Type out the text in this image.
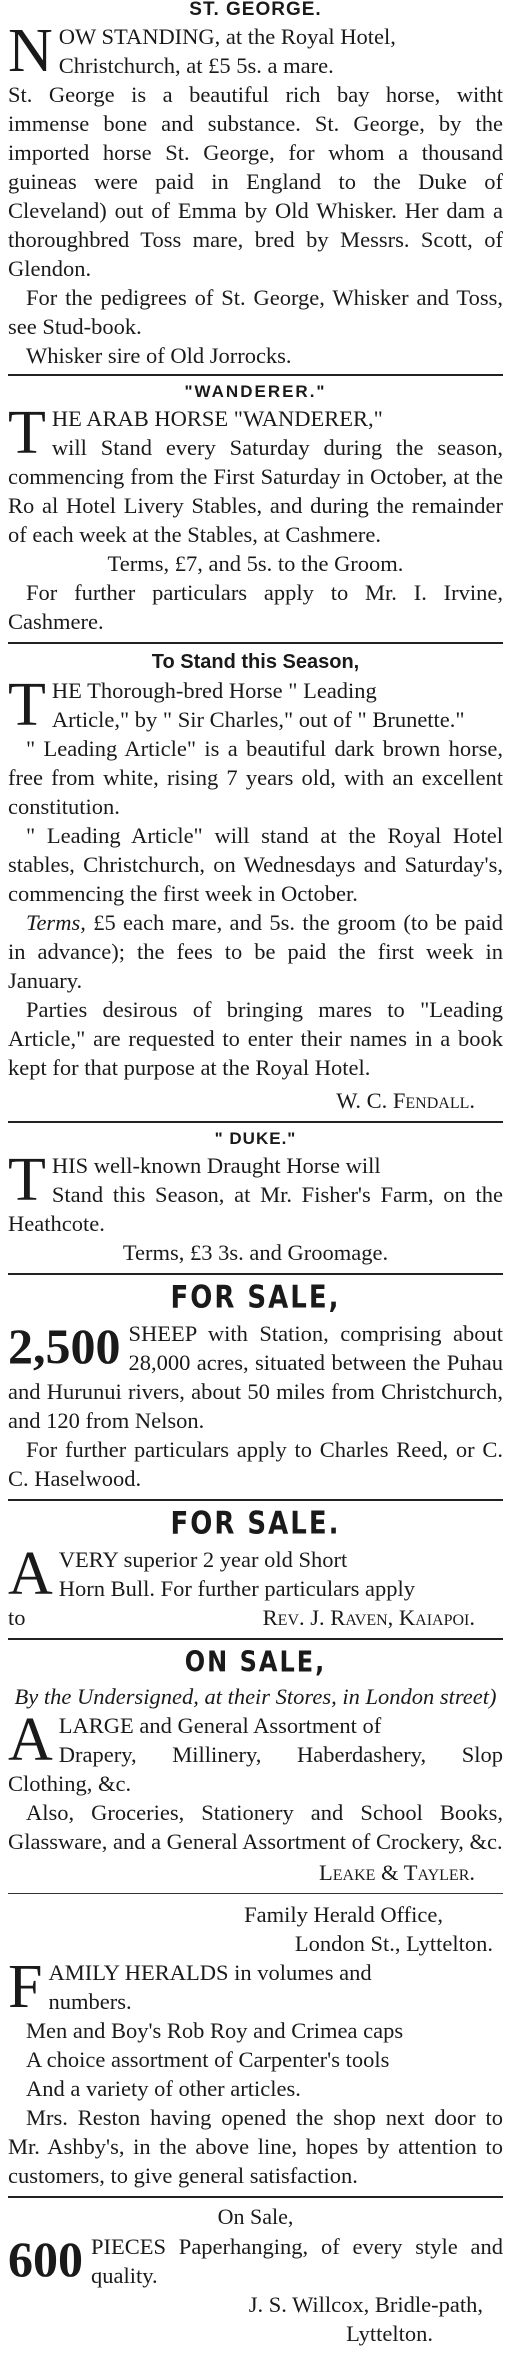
ST. GEORGE.
N OW STANDING, at the Royal Hotel,

Christchurch, at £5 5s. a mare.

St. George is a beautiful rich bay horse, witht immense bone and substance. St. George, by the imported horse St. George, for whom a thousand guineas were paid in England to the Duke of Cleveland) out of Emma by Old Whisker. Her dam a thoroughbred Toss mare, bred by Messrs. Scott, of Glendon.

For the pedigrees of St. George, Whisker and Toss, see Stud-book.

Whisker sire of Old Jorrocks.

"WANDERER."
T HE ARAB HORSE "WANDERER,"

will Stand every Saturday during the season, commencing from the First Saturday in October, at the Ro al Hotel Livery Stables, and during the remainder of each week at the Stables, at Cashmere.

Terms, £7, and 5s. to the Groom.

For further particulars apply to Mr. I. Irvine, Cashmere.

To Stand this Season,
T HE Thorough-bred Horse " Leading

Article," by " Sir Charles," out of " Brunette."

" Leading Article" is a beautiful dark brown horse, free from white, rising 7 years old, with an excellent constitution.

" Leading Article" will stand at the Royal Hotel stables, Christchurch, on Wednesdays and Saturday's, commencing the first week in October.

Terms, £5 each mare, and 5s. the groom (to be paid in advance); the fees to be paid the first week in January.

Parties desirous of bringing mares to "Leading Article," are requested to enter their names in a book kept for that purpose at the Royal Hotel.

W. C. Fendall.

" DUKE."
T HIS well-known Draught Horse will

Stand this Season, at Mr. Fisher's Farm, on the Heathcote.

Terms, £3 3s. and Groomage.

FOR SALE,
2,500 SHEEP with Station, comprising about 28,000 acres, situated between the Puhau and Hurunui rivers, about 50 miles from Christchurch, and 120 from Nelson.

For further particulars apply to Charles Reed, or C. C. Haselwood.

FOR SALE.
A VERY superior 2 year old Short

Horn Bull. For further particulars apply

to	Rev. J. Raven, Kaiapoi.

ON SALE,

By the Undersigned, at their Stores, in London street)

A LARGE and General Assortment of

Drapery, Millinery, Haberdashery, Slop Clothing, &c.

Also, Groceries, Stationery and School Books, Glassware, and a General Assortment of Crockery, &c.

Leake & Tayler.

Family Herald Office,

London St., Lyttelton.

F AMILY HERALDS in volumes and

numbers.

Men and Boy's Rob Roy and Crimea caps

A choice assortment of Carpenter's tools

And a variety of other articles.

Mrs. Reston having opened the shop next door to Mr. Ashby's, in the above line, hopes by attention to customers, to give general satisfaction.

On Sale,
600 PIECES Paperhanging, of every style and quality.

J. S. Willcox, Bridle-path,

Lyttelton.
